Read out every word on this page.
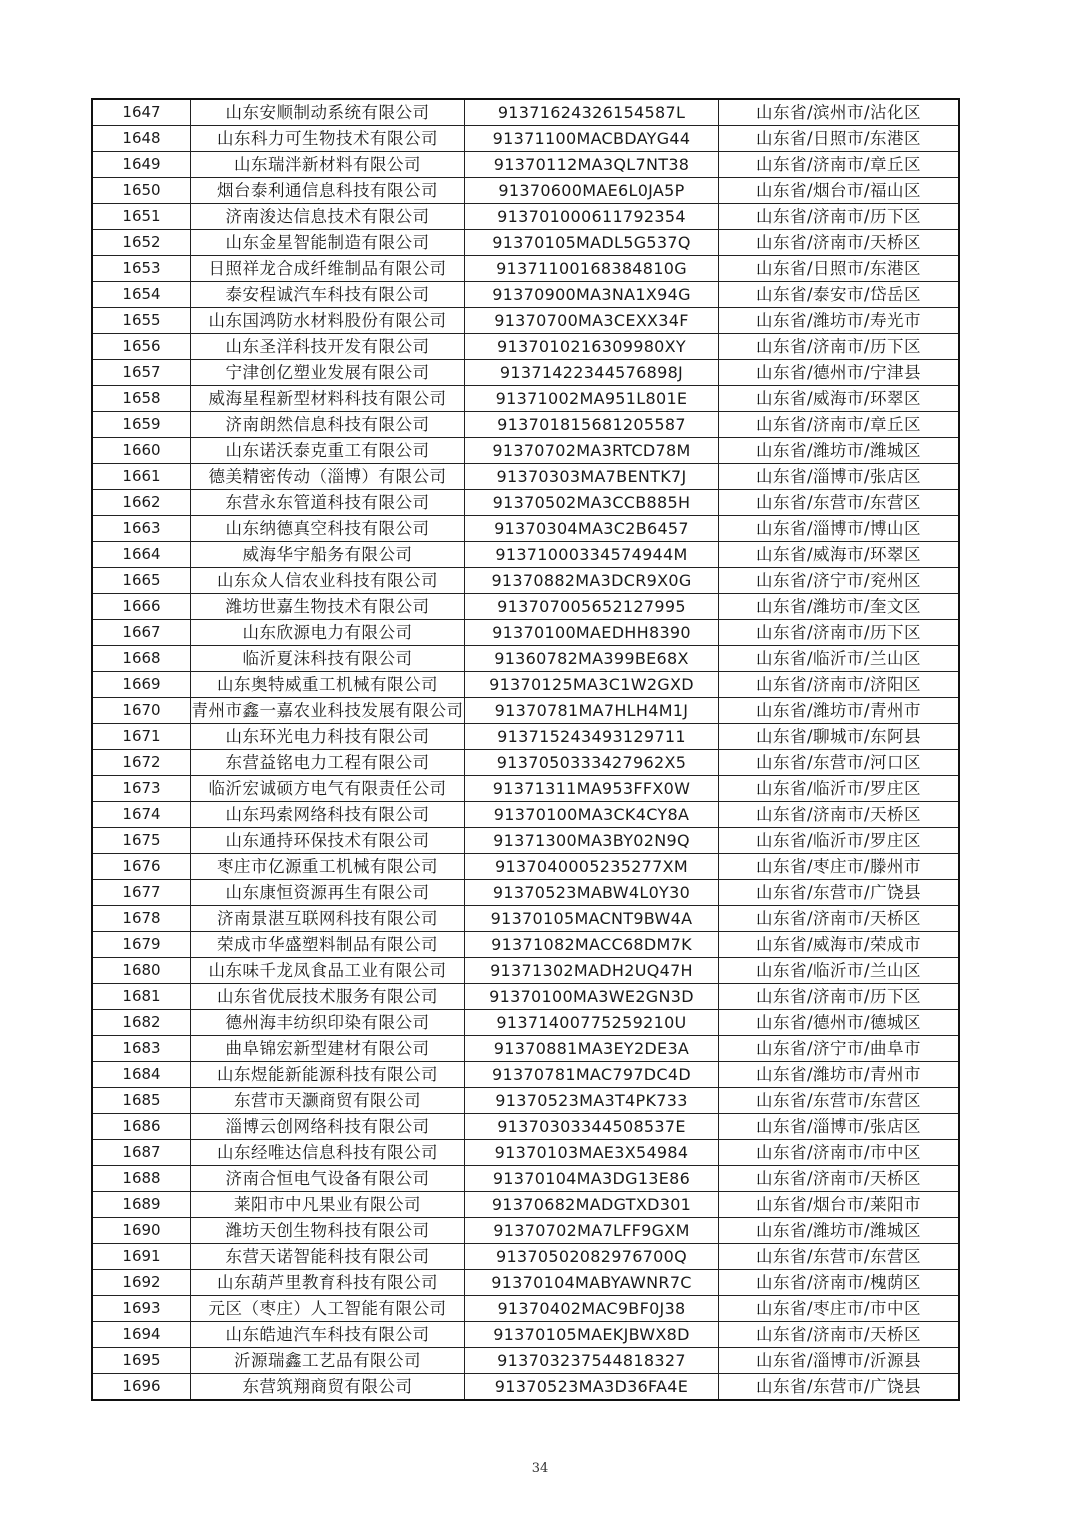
1647	山东安顺制动系统有限公司	91371624326154587L	山东省/滨州市/沾化区
1648	山东科力可生物技术有限公司	91371100MACBDAYG44	山东省/日照市/东港区
1649	山东瑞泮新材料有限公司	91370112MA3QL7NT38	山东省/济南市/章丘区
1650	烟台泰利通信息科技有限公司	91370600MAE6L0JA5P	山东省/烟台市/福山区
1651	济南浚达信息技术有限公司	913701000611792354	山东省/济南市/历下区
1652	山东金星智能制造有限公司	91370105MADL5G537Q	山东省/济南市/天桥区
1653	日照祥龙合成纤维制品有限公司	91371100168384810G	山东省/日照市/东港区
1654	泰安程诚汽车科技有限公司	91370900MA3NA1X94G	山东省/泰安市/岱岳区
1655	山东国鸿防水材料股份有限公司	91370700MA3CEXX34F	山东省/潍坊市/寿光市
1656	山东圣洋科技开发有限公司	9137010216309980XY	山东省/济南市/历下区
1657	宁津创亿塑业发展有限公司	91371422344576898J	山东省/德州市/宁津县
1658	威海星程新型材料科技有限公司	91371002MA951L801E	山东省/威海市/环翠区
1659	济南朗然信息科技有限公司	913701815681205587	山东省/济南市/章丘区
1660	山东诺沃泰克重工有限公司	91370702MA3RTCD78M	山东省/潍坊市/潍城区
1661	德美精密传动（淄博）有限公司	91370303MA7BENTK7J	山东省/淄博市/张店区
1662	东营永东管道科技有限公司	91370502MA3CCB885H	山东省/东营市/东营区
1663	山东纳德真空科技有限公司	91370304MA3C2B6457	山东省/淄博市/博山区
1664	威海华宇船务有限公司	91371000334574944M	山东省/威海市/环翠区
1665	山东众人信农业科技有限公司	91370882MA3DCR9X0G	山东省/济宁市/兖州区
1666	潍坊世嘉生物技术有限公司	913707005652127995	山东省/潍坊市/奎文区
1667	山东欣源电力有限公司	91370100MAEDHH8390	山东省/济南市/历下区
1668	临沂夏沫科技有限公司	91360782MA399BE68X	山东省/临沂市/兰山区
1669	山东奥特威重工机械有限公司	91370125MA3C1W2GXD	山东省/济南市/济阳区
1670	青州市鑫一嘉农业科技发展有限公司	91370781MA7HLH4M1J	山东省/潍坊市/青州市
1671	山东环光电力科技有限公司	913715243493129711	山东省/聊城市/东阿县
1672	东营益铭电力工程有限公司	9137050333427962X5	山东省/东营市/河口区
1673	临沂宏诚硕方电气有限责任公司	91371311MA953FFX0W	山东省/临沂市/罗庄区
1674	山东玛索网络科技有限公司	91370100MA3CK4CY8A	山东省/济南市/天桥区
1675	山东通持环保技术有限公司	91371300MA3BY02N9Q	山东省/临沂市/罗庄区
1676	枣庄市亿源重工机械有限公司	9137040005235277XM	山东省/枣庄市/滕州市
1677	山东康恒资源再生有限公司	91370523MABW4L0Y30	山东省/东营市/广饶县
1678	济南景湛互联网科技有限公司	91370105MACNT9BW4A	山东省/济南市/天桥区
1679	荣成市华盛塑料制品有限公司	91371082MACC68DM7K	山东省/威海市/荣成市
1680	山东味千龙凤食品工业有限公司	91371302MADH2UQ47H	山东省/临沂市/兰山区
1681	山东省优辰技术服务有限公司	91370100MA3WE2GN3D	山东省/济南市/历下区
1682	德州海丰纺织印染有限公司	91371400775259210U	山东省/德州市/德城区
1683	曲阜锦宏新型建材有限公司	91370881MA3EY2DE3A	山东省/济宁市/曲阜市
1684	山东煜能新能源科技有限公司	91370781MAC797DC4D	山东省/潍坊市/青州市
1685	东营市天灏商贸有限公司	91370523MA3T4PK733	山东省/东营市/东营区
1686	淄博云创网络科技有限公司	91370303344508537E	山东省/淄博市/张店区
1687	山东经唯达信息科技有限公司	91370103MAE3X54984	山东省/济南市/市中区
1688	济南合恒电气设备有限公司	91370104MA3DG13E86	山东省/济南市/天桥区
1689	莱阳市中凡果业有限公司	91370682MADGTXD301	山东省/烟台市/莱阳市
1690	潍坊天创生物科技有限公司	91370702MA7LFF9GXM	山东省/潍坊市/潍城区
1691	东营天诺智能科技有限公司	91370502082976700Q	山东省/东营市/东营区
1692	山东葫芦里教育科技有限公司	91370104MABYAWNR7C	山东省/济南市/槐荫区
1693	元区（枣庄）人工智能有限公司	91370402MAC9BF0J38	山东省/枣庄市/市中区
1694	山东皓迪汽车科技有限公司	91370105MAEKJBWX8D	山东省/济南市/天桥区
1695	沂源瑞鑫工艺品有限公司	913703237544818327	山东省/淄博市/沂源县
1696	东营筑翔商贸有限公司	91370523MA3D36FA4E	山东省/东营市/广饶县
34
